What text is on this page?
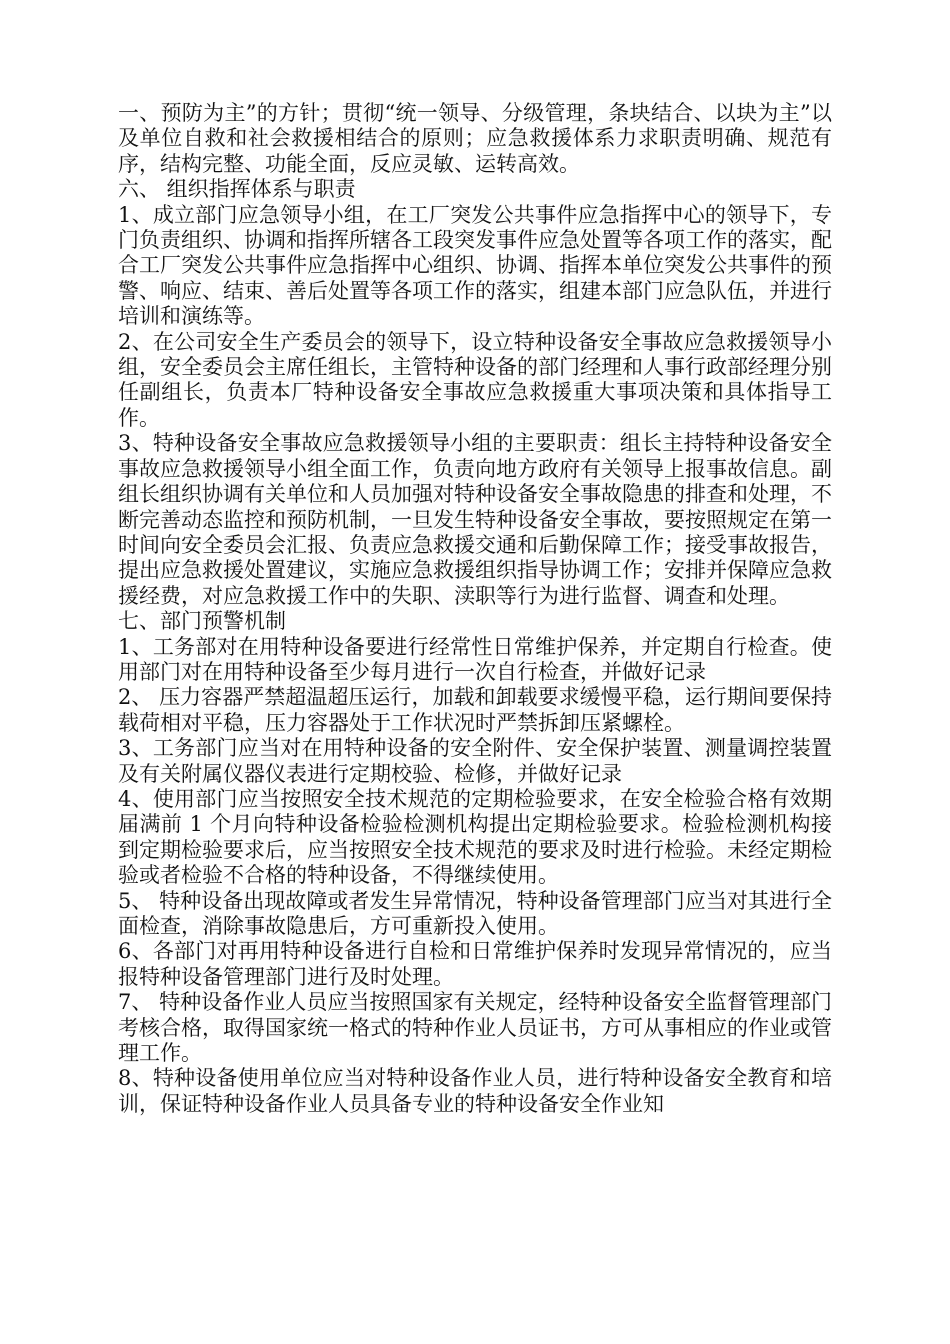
一、预防为主”的方针；贯彻“统一领导、分级管理，条块结合、以块为主”以及单位自救和社会救援相结合的原则；应急救援体系力求职责明确、规范有序，结构完整、功能全面，反应灵敏、运转高效。

六、 组织指挥体系与职责

1、成立部门应急领导小组，在工厂突发公共事件应急指挥中心的领导下，专门负责组织、协调和指挥所辖各工段突发事件应急处置等各项工作的落实，配合工厂突发公共事件应急指挥中心组织、协调、指挥本单位突发公共事件的预警、响应、结束、善后处置等各项工作的落实，组建本部门应急队伍，并进行培训和演练等。

2、在公司安全生产委员会的领导下，设立特种设备安全事故应急救援领导小组，安全委员会主席任组长，主管特种设备的部门经理和人事行政部经理分别任副组长，负责本厂特种设备安全事故应急救援重大事项决策和具体指导工作。

3、特种设备安全事故应急救援领导小组的主要职责：组长主持特种设备安全事故应急救援领导小组全面工作，负责向地方政府有关领导上报事故信息。副组长组织协调有关单位和人员加强对特种设备安全事故隐患的排查和处理，不断完善动态监控和预防机制，一旦发生特种设备安全事故，要按照规定在第一时间向安全委员会汇报、负责应急救援交通和后勤保障工作；接受事故报告，提出应急救援处置建议，实施应急救援组织指导协调工作；安排并保障应急救援经费，对应急救援工作中的失职、渎职等行为进行监督、调查和处理。

七、部门预警机制

1、工务部对在用特种设备要进行经常性日常维护保养，并定期自行检查。使用部门对在用特种设备至少每月进行一次自行检查，并做好记录

2、 压力容器严禁超温超压运行，加载和卸载要求缓慢平稳，运行期间要保持载荷相对平稳，压力容器处于工作状况时严禁拆卸压紧螺栓。

3、工务部门应当对在用特种设备的安全附件、安全保护装置、测量调控装置及有关附属仪器仪表进行定期校验、检修，并做好记录

4、使用部门应当按照安全技术规范的定期检验要求，在安全检验合格有效期届满前 1 个月向特种设备检验检测机构提出定期检验要求。检验检测机构接到定期检验要求后，应当按照安全技术规范的要求及时进行检验。未经定期检验或者检验不合格的特种设备，不得继续使用。

5、 特种设备出现故障或者发生异常情况，特种设备管理部门应当对其进行全面检查，消除事故隐患后，方可重新投入使用。

6、各部门对再用特种设备进行自检和日常维护保养时发现异常情况的，应当报特种设备管理部门进行及时处理。

7、 特种设备作业人员应当按照国家有关规定，经特种设备安全监督管理部门考核合格，取得国家统一格式的特种作业人员证书，方可从事相应的作业或管理工作。

8、特种设备使用单位应当对特种设备作业人员，进行特种设备安全教育和培训，保证特种设备作业人员具备专业的特种设备安全作业知
